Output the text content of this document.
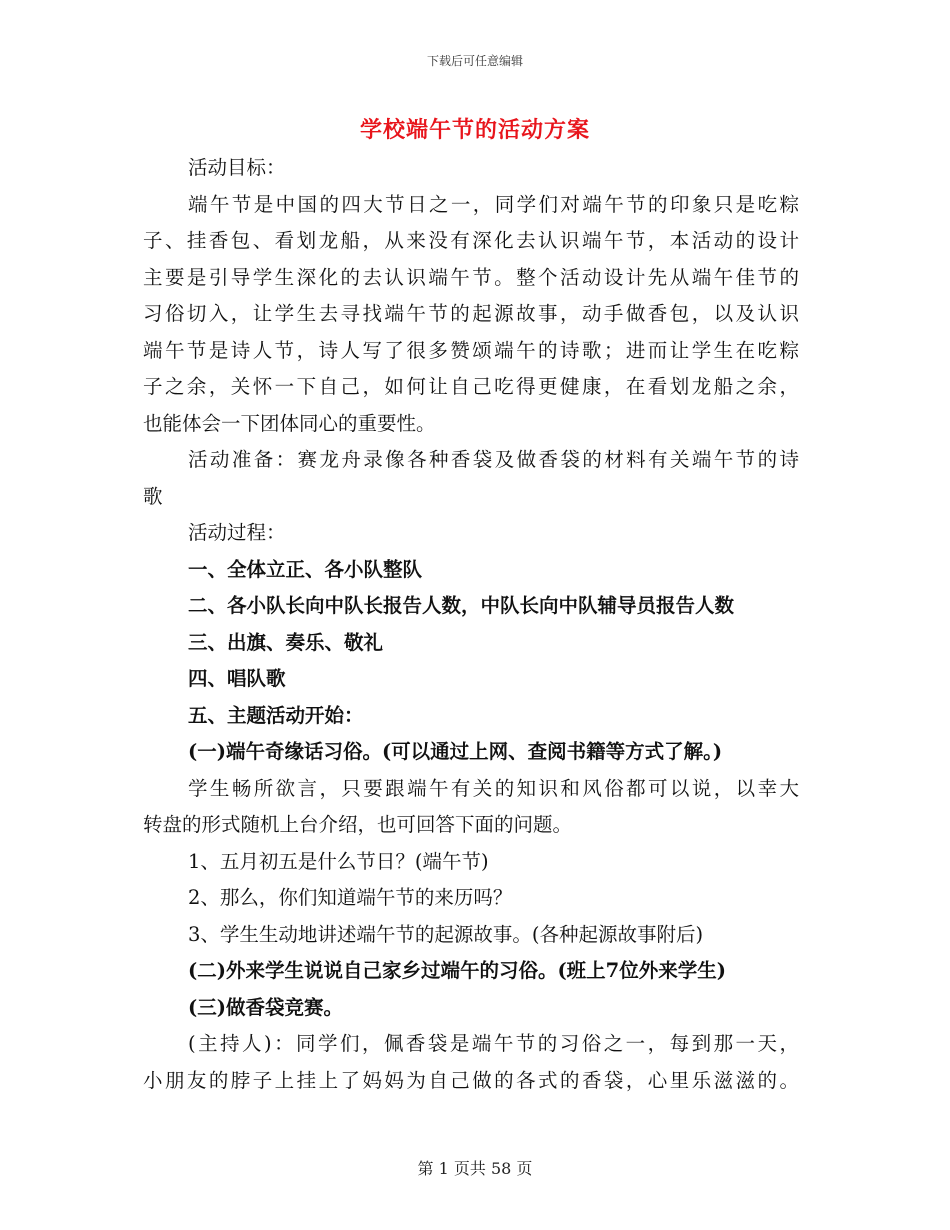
下载后可任意编辑
学校端午节的活动方案
活动目标：
端午节是中国的四大节日之一，同学们对端午节的印象只是吃粽
子、挂香包、看划龙船，从来没有深化去认识端午节，本活动的设计
主要是引导学生深化的去认识端午节。整个活动设计先从端午佳节的
习俗切入，让学生去寻找端午节的起源故事，动手做香包，以及认识
端午节是诗人节，诗人写了很多赞颂端午的诗歌；进而让学生在吃粽
子之余，关怀一下自己，如何让自己吃得更健康，在看划龙船之余，
也能体会一下团体同心的重要性。
活动准备：赛龙舟录像各种香袋及做香袋的材料有关端午节的诗
歌
活动过程：
一、全体立正、各小队整队
二、各小队长向中队长报告人数，中队长向中队辅导员报告人数
三、出旗、奏乐、敬礼
四、唱队歌
五、主题活动开始：
(一)端午奇缘话习俗。(可以通过上网、查阅书籍等方式了解。)
学生畅所欲言，只要跟端午有关的知识和风俗都可以说，以幸大
转盘的形式随机上台介绍，也可回答下面的问题。
1、五月初五是什么节日？(端午节)
2、那么，你们知道端午节的来历吗？
3、学生生动地讲述端午节的起源故事。(各种起源故事附后)
(二)外来学生说说自己家乡过端午的习俗。(班上7位外来学生)
(三)做香袋竞赛。
(主持人)：同学们，佩香袋是端午节的习俗之一，每到那一天，
小朋友的脖子上挂上了妈妈为自己做的各式的香袋，心里乐滋滋的。
第 1 页共 58 页
